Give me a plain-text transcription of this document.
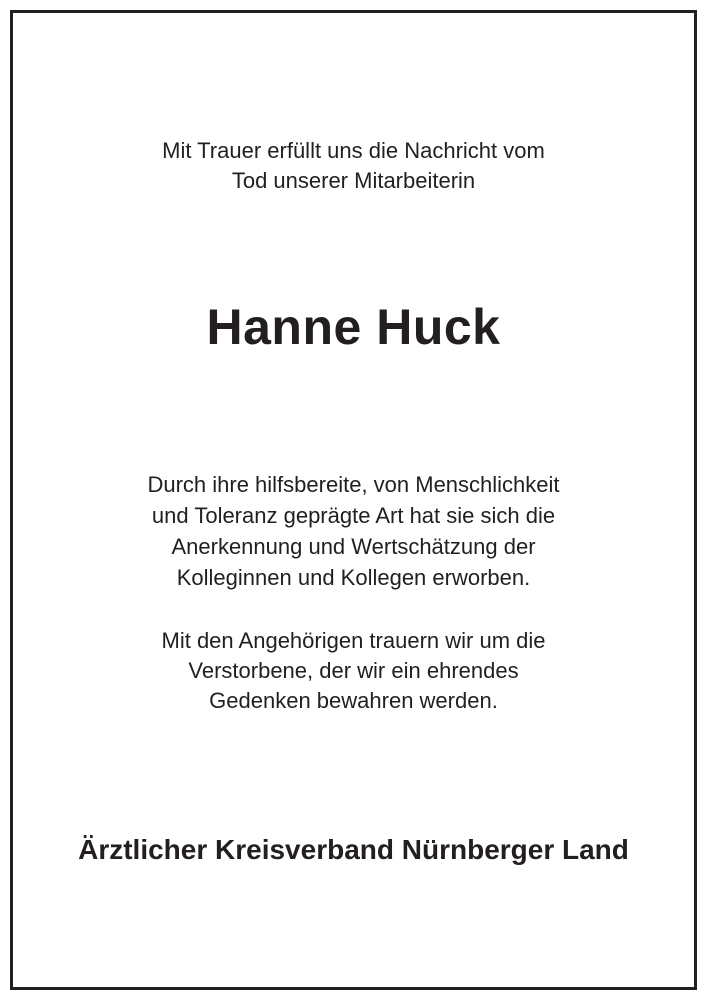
Mit Trauer erfüllt uns die Nachricht vom
Tod unserer Mitarbeiterin
Hanne Huck
Durch ihre hilfsbereite, von Menschlichkeit
und Toleranz geprägte Art hat sie sich die
Anerkennung und Wertschätzung der
Kolleginnen und Kollegen erworben.
Mit den Angehörigen trauern wir um die
Verstorbene, der wir ein ehrendes
Gedenken bewahren werden.
Ärztlicher Kreisverband Nürnberger Land
